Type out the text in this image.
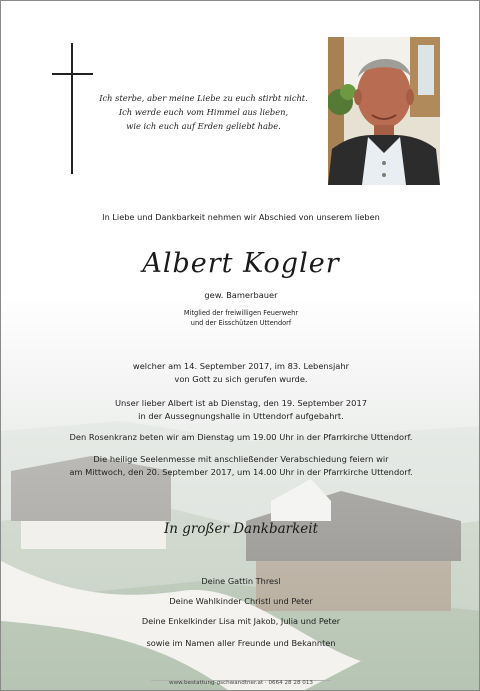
Ich sterbe, aber meine Liebe zu euch stirbt nicht.
Ich werde euch vom Himmel aus lieben,
wie ich euch auf Erden geliebt habe.
In Liebe und Dankbarkeit nehmen wir Abschied von unserem lieben
Albert Kogler
gew. Bamerbauer
Mitglied der freiwilligen Feuerwehr
und der Eisschützen Uttendorf
welcher am 14. September 2017, im 83. Lebensjahr
von Gott zu sich gerufen wurde.
Unser lieber Albert ist ab Dienstag, den 19. September 2017
in der Aussegnungshalle in Uttendorf aufgebahrt.
Den Rosenkranz beten wir am Dienstag um 19.00 Uhr in der Pfarrkirche Uttendorf.
Die heilige Seelenmesse mit anschließender Verabschiedung feiern wir
am Mittwoch, den 20. September 2017, um 14.00 Uhr in der Pfarrkirche Uttendorf.
In großer Dankbarkeit
Deine Gattin Thresl
Deine Wahlkinder Christl und Peter
Deine Enkelkinder Lisa mit Jakob, Julia und Peter
sowie im Namen aller Freunde und Bekannten
www.bestattung-gschwandtner.at · 0664 28 28 013
